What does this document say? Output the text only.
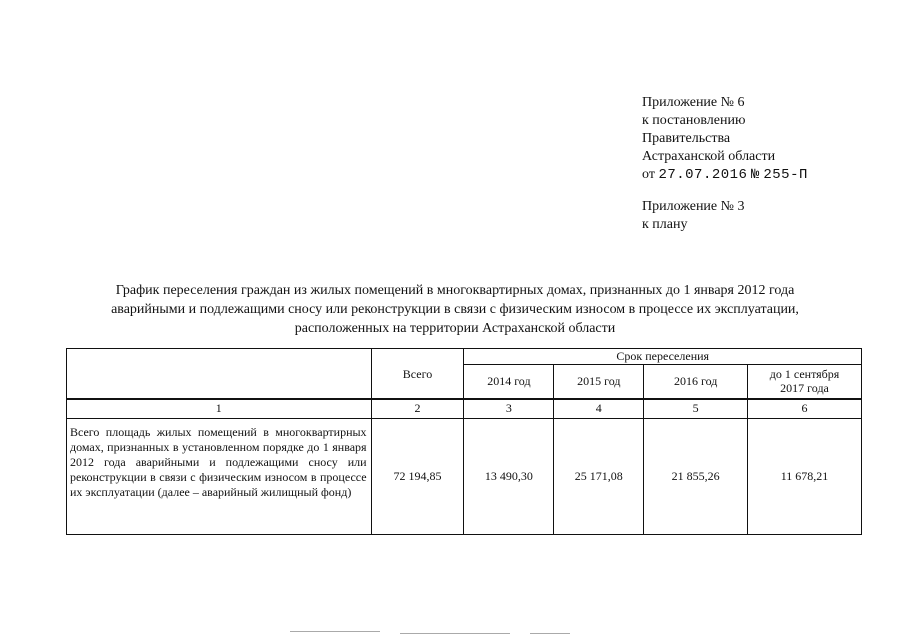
Приложение № 6
к постановлению
Правительства
Астраханской области
от 27.07.2016 № 255-П
Приложение № 3
к плану
График переселения граждан из жилых помещений в многоквартирных домах, признанных до 1 января 2012 года
аварийными и подлежащими сносу или реконструкции в связи с физическим износом в процессе их эксплуатации,
расположенных на территории Астраханской области
	Всего	Срок переселения			
		2014 год	2015 год	2016 год	до 1 сентября
2017 года

1	2	3	4	5	6

Всего площадь жилых помещений в многоквартирных домах, признанных в установленном порядке до 1 января 2012 года аварийными и подлежащими сносу или реконструкции в связи с физическим износом в процессе их эксплуатации (далее – аварийный жилищный фонд)	72 194,85	13 490,30	25 171,08	21 855,26	11 678,21
